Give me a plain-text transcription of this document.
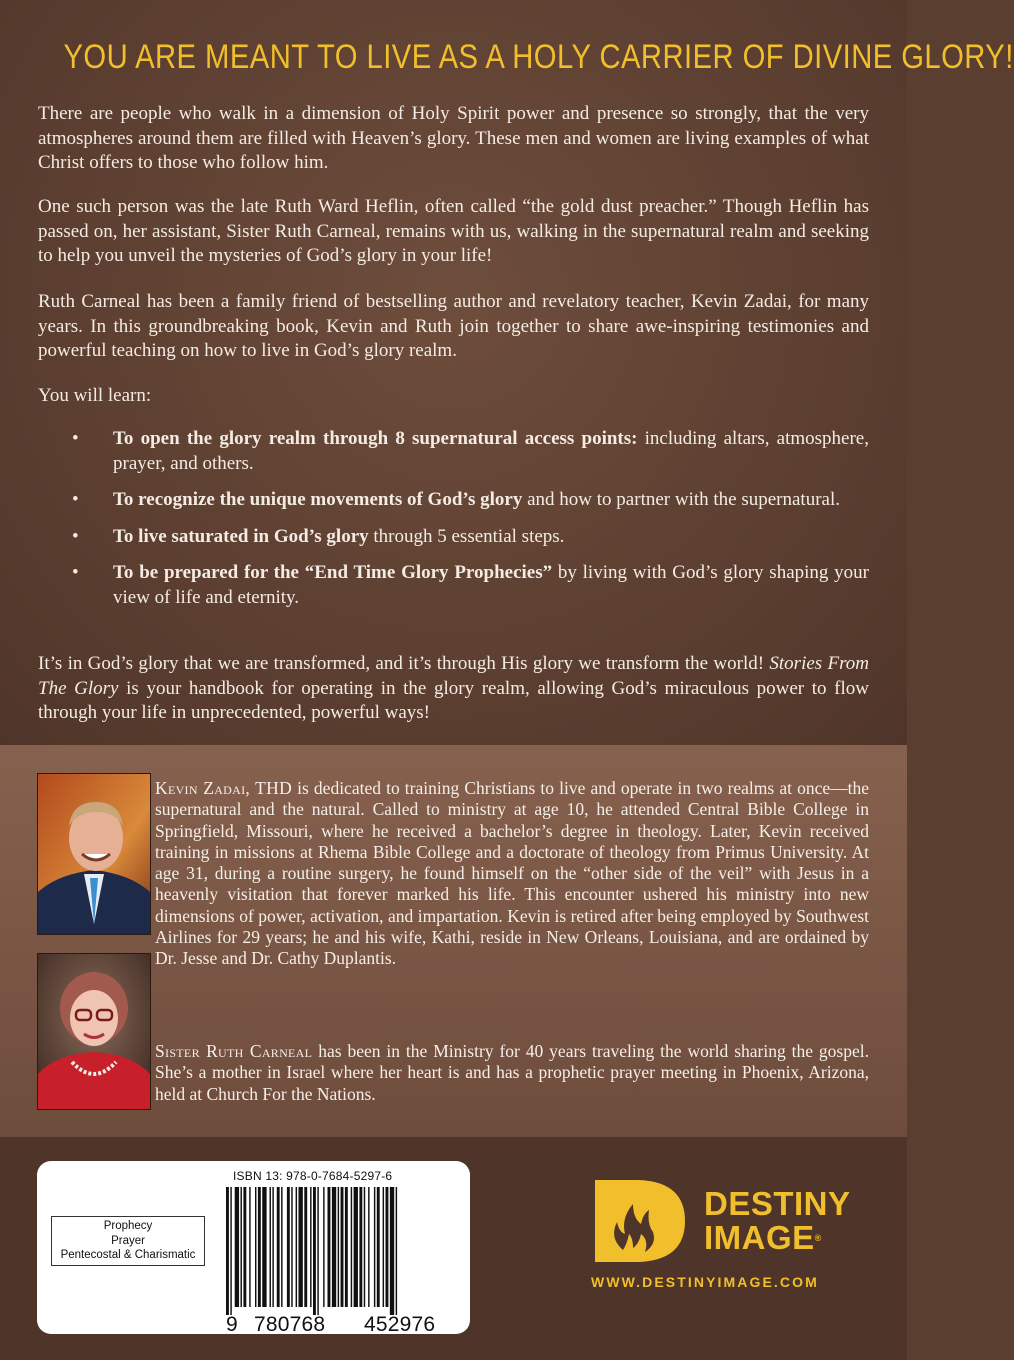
YOU ARE MEANT TO LIVE AS A HOLY CARRIER OF DIVINE GLORY!

There are people who walk in a dimension of Holy Spirit power and presence so strongly, that the very atmospheres around them are filled with Heaven’s glory. These men and women are living examples of what Christ offers to those who follow him.

One such person was the late Ruth Ward Heflin, often called “the gold dust preacher.” Though Heflin has passed on, her assistant, Sister Ruth Carneal, remains with us, walking in the supernatural realm and seeking to help you unveil the mysteries of God’s glory in your life!

Ruth Carneal has been a family friend of bestselling author and revelatory teacher, Kevin Zadai, for many years. In this groundbreaking book, Kevin and Ruth join together to share awe-inspiring testimonies and powerful teaching on how to live in God’s glory realm.

You will learn:

• To open the glory realm through 8 supernatural access points: including altars, atmosphere, prayer, and others.
• To recognize the unique movements of God’s glory and how to partner with the supernatural.
• To live saturated in God’s glory through 5 essential steps.
• To be prepared for the “End Time Glory Prophecies” by living with God’s glory shaping your view of life and eternity.

It’s in God’s glory that we are transformed, and it’s through His glory we transform the world! Stories From The Glory is your handbook for operating in the glory realm, allowing God’s miraculous power to flow through your life in unprecedented, powerful ways!

Kevin Zadai, THD is dedicated to training Christians to live and operate in two realms at once—the supernatural and the natural. Called to ministry at age 10, he attended Central Bible College in Springfield, Missouri, where he received a bachelor’s degree in theology. Later, Kevin received training in missions at Rhema Bible College and a doctorate of theology from Primus University. At age 31, during a routine surgery, he found himself on the “other side of the veil” with Jesus in a heavenly visitation that forever marked his life. This encounter ushered his ministry into new dimensions of power, activation, and impartation. Kevin is retired after being employed by Southwest Airlines for 29 years; he and his wife, Kathi, reside in New Orleans, Louisiana, and are ordained by Dr. Jesse and Dr. Cathy Duplantis.

Sister Ruth Carneal has been in the Ministry for 40 years traveling the world sharing the gospel. She’s a mother in Israel where her heart is and has a prophetic prayer meeting in Phoenix, Arizona, held at Church For the Nations.

Prophecy
Prayer
Pentecostal & Charismatic
ISBN 13: 978-0-7684-5297-6
9 780768 452976
DESTINY
IMAGE®
WWW.DESTINYIMAGE.COM
